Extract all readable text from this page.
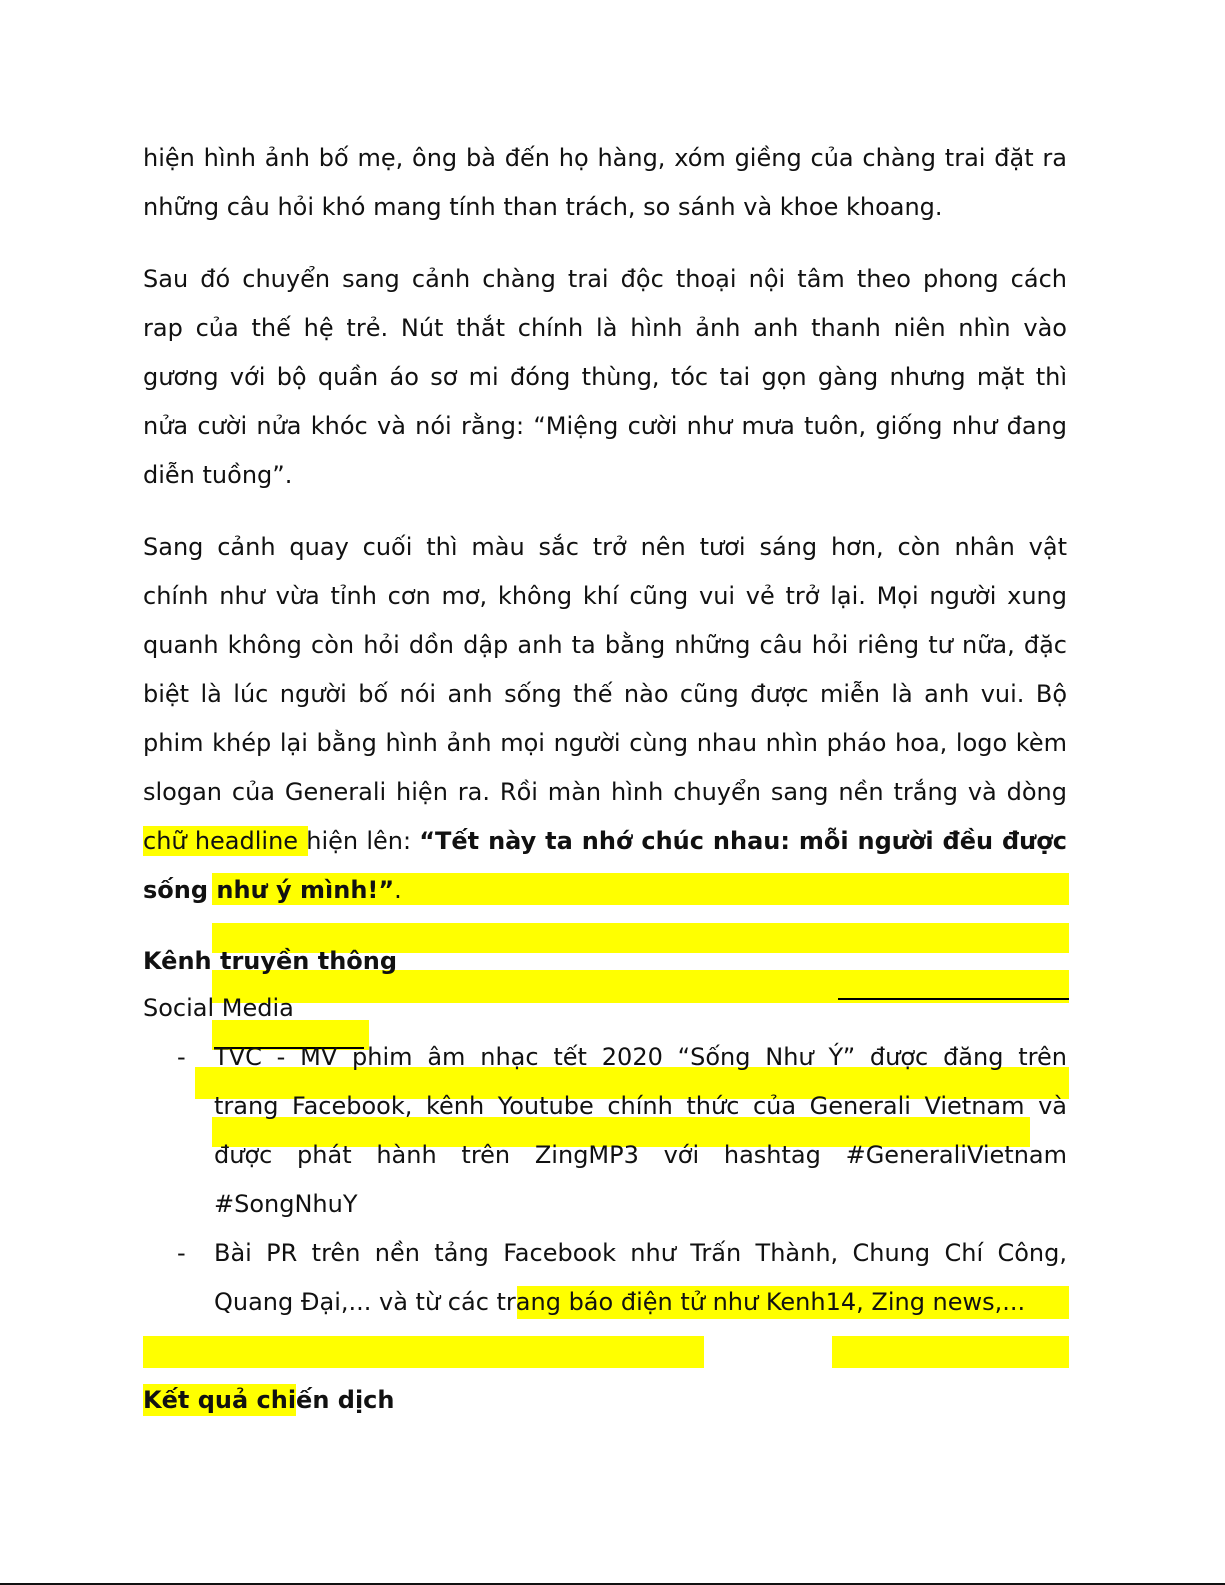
hiện hình ảnh bố mẹ, ông bà đến họ hàng, xóm giềng của chàng trai đặt ra
những câu hỏi khó mang tính than trách, so sánh và khoe khoang.
Sau đó chuyển sang cảnh chàng trai độc thoại nội tâm theo phong cách
rap của thế hệ trẻ. Nút thắt chính là hình ảnh anh thanh niên nhìn vào
gương với bộ quần áo sơ mi đóng thùng, tóc tai gọn gàng nhưng mặt thì
nửa cười nửa khóc và nói rằng: “Miệng cười như mưa tuôn, giống như đang
diễn tuồng”.
Sang cảnh quay cuối thì màu sắc trở nên tươi sáng hơn, còn nhân vật
chính như vừa tỉnh cơn mơ, không khí cũng vui vẻ trở lại. Mọi người xung
quanh không còn hỏi dồn dập anh ta bằng những câu hỏi riêng tư nữa, đặc
biệt là lúc người bố nói anh sống thế nào cũng được miễn là anh vui. Bộ
phim khép lại bằng hình ảnh mọi người cùng nhau nhìn pháo hoa, logo kèm
slogan của Generali hiện ra. Rồi màn hình chuyển sang nền trắng và dòng
chữ headline hiện lên: “Tết này ta nhớ chúc nhau: mỗi người đều được
sống như ý mình!”.
Kênh truyền thông
Social Media
- TVC - MV phim âm nhạc tết 2020 “Sống Như Ý” được đăng trên
trang Facebook, kênh Youtube chính thức của Generali Vietnam và
được phát hành trên ZingMP3 với hashtag #GeneraliVietnam
#SongNhuY
- Bài PR trên nền tảng Facebook như Trấn Thành, Chung Chí Công,
Quang Đại,... và từ các trang báo điện tử như Kenh14, Zing news,...
Kết quả chiến dịch
